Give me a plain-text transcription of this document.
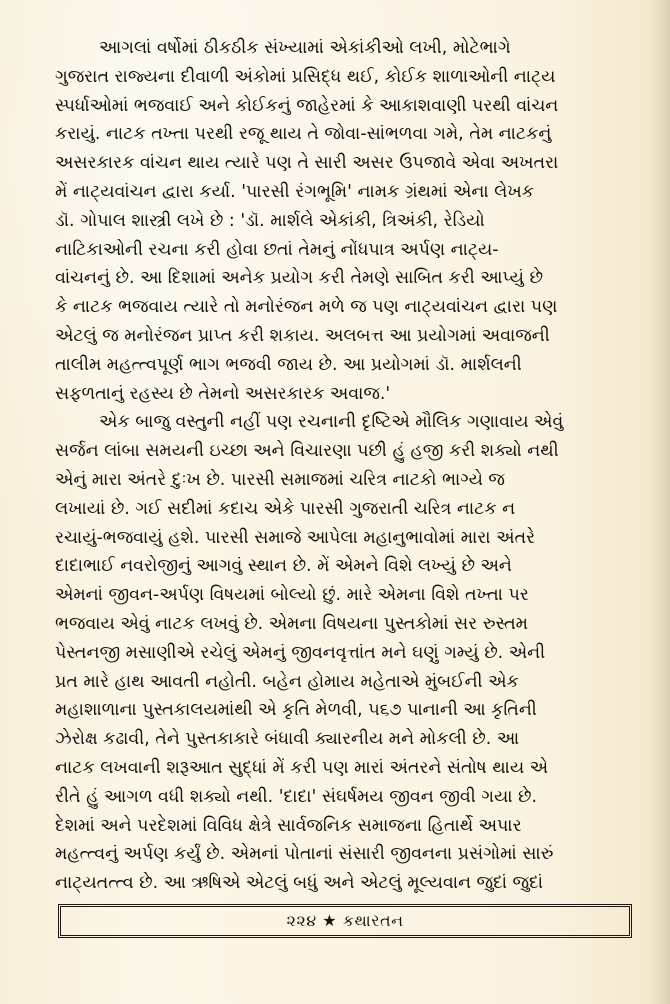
આગલાં વર્ષોમાં ઠીકઠીક સંખ્યામાં એકાંકીઓ લખી, મોટેભાગે
ગુજરાત રાજ્યના દીવાળી અંકોમાં પ્રસિદ્ધ થઈ, કોઈક શાળાઓની નાટ્ય
સ્પર્ધાઓમાં ભજવાઈ અને કોઈકનું જાહેરમાં કે આકાશવાણી પરથી વાંચન
કરાયું. નાટક તખ્તા પરથી રજૂ થાય તે જોવા-સાંભળવા ગમે, તેમ નાટકનું
અસરકારક વાંચન થાય ત્યારે પણ તે સારી અસર ઉપજાવે એવા અખતરા
મેં નાટ્યવાંચન દ્વારા કર્યા. 'પારસી રંગભૂમિ' નામક ગ્રંથમાં એના લેખક
ડૉ. ગોપાલ શાસ્ત્રી લખે છે : 'ડૉ. માર્શલે એકાંકી, ત્રિઅંકી, રેડિયો
નાટિકાઓની રચના કરી હોવા છતાં તેમનું નોંધપાત્ર અર્પણ નાટ્ય-
વાંચનનું છે. આ દિશામાં અનેક પ્રયોગ કરી તેમણે સાબિત કરી આપ્યું છે
કે નાટક ભજવાય ત્યારે તો મનોરંજન મળે જ પણ નાટ્યવાંચન દ્વારા પણ
એટલું જ મનોરંજન પ્રાપ્ત કરી શકાય. અલબત્ત આ પ્રયોગમાં અવાજની
તાલીમ મહત્ત્વપૂર્ણ ભાગ ભજવી જાય છે. આ પ્રયોગમાં ડૉ. માર્શલની
સફળતાનું રહસ્ય છે તેમનો અસરકારક અવાજ.'
એક બાજુ વસ્તુની નહીં પણ રચનાની દૃષ્ટિએ મૌલિક ગણાવાય એવું
સર્જન લાંબા સમયની ઇચ્છા અને વિચારણા પછી હું હજી કરી શક્યો નથી
એનું મારા અંતરે દુઃખ છે. પારસી સમાજમાં ચરિત્ર નાટકો ભાગ્યે જ
લખાયાં છે. ગઈ સદીમાં કદાચ એકે પારસી ગુજરાતી ચરિત્ર નાટક ન
રચાયું-ભજવાયું હશે. પારસી સમાજે આપેલા મહાનુભાવોમાં મારા અંતરે
દાદાભાઈ નવરોજીનું આગવું સ્થાન છે. મેં એમને વિશે લખ્યું છે અને
એમનાં જીવન-અર્પણ વિષયમાં બોલ્યો છું. મારે એમના વિશે તખ્તા પર
ભજવાય એવું નાટક લખવું છે. એમના વિષયના પુસ્તકોમાં સર રુસ્તમ
પેસ્તનજી મસાણીએ રચેલું એમનું જીવનવૃત્તાંત મને ઘણું ગમ્યું છે. એની
પ્રત મારે હાથ આવતી નહોતી. બહેન હોમાય મહેતાએ મુંબઈની એક
મહાશાળાના પુસ્તકાલયમાંથી એ કૃતિ મેળવી, ૫૬૭ પાનાની આ કૃતિની
ઝેરોક્ષ કઢાવી, તેને પુસ્તકાકારે બંધાવી ક્યારનીય મને મોકલી છે. આ
નાટક લખવાની શરૂઆત સુદ્ધાં મેં કરી પણ મારાં અંતરને સંતોષ થાય એ
રીતે હું આગળ વધી શક્યો નથી. 'દાદા' સંઘર્ષમય જીવન જીવી ગયા છે.
દેશમાં અને પરદેશમાં વિવિધ ક્ષેત્રે સાર્વજનિક સમાજના હિતાર્થે અપાર
મહત્ત્વનું અર્પણ કર્યું છે. એમનાં પોતાનાં સંસારી જીવનના પ્રસંગોમાં સારું
નાટ્યતત્ત્વ છે. આ ઋષિએ એટલું બધું અને એટલું મૂલ્યવાન જુદાં જુદાં
૨૨૪ ★ કથારતન
